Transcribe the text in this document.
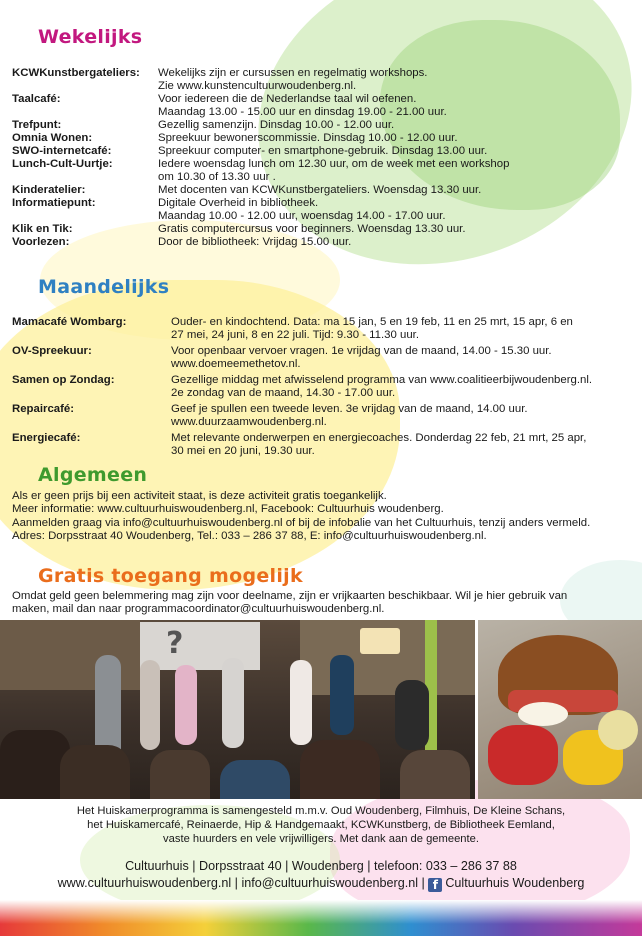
Wekelijks
KCWKunstbergateliers:	Wekelijks zijn er cursussen en regelmatig workshops.
Zie www.kunstencultuurwoudenberg.nl.
Taalcafé:	Voor iedereen die de Nederlandse taal wil oefenen.
Maandag 13.00 - 15.00 uur en dinsdag 19.00 - 21.00 uur.
Trefpunt:	Gezellig samenzijn. Dinsdag 10.00 - 12.00 uur.
Omnia Wonen:	Spreekuur bewonerscommissie. Dinsdag 10.00 - 12.00 uur.
SWO-internetcafé:	Spreekuur computer- en smartphone-gebruik. Dinsdag 13.00 uur.
Lunch-Cult-Uurtje:	Iedere woensdag lunch om 12.30 uur, om de week met een workshop
om 10.30 of 13.30 uur .
Kinderatelier:	Met docenten van KCWKunstbergateliers. Woensdag 13.30 uur.
Informatiepunt:	Digitale Overheid in bibliotheek.
Maandag 10.00 - 12.00 uur, woensdag 14.00 - 17.00 uur.
Klik en Tik:	Gratis computercursus voor beginners. Woensdag 13.30 uur.
Voorlezen:	Door de bibliotheek: Vrijdag 15.00 uur.
Maandelijks
Mamacafé Wombarg:	Ouder- en kindochtend. Data: ma 15 jan, 5 en 19 feb, 11 en 25 mrt, 15 apr, 6 en
27 mei, 24 juni, 8 en 22 juli. Tijd: 9.30 - 11.30 uur.
OV-Spreekuur:	Voor openbaar vervoer vragen. 1e vrijdag van de maand, 14.00 - 15.30 uur.
www.doemeemethetov.nl.
Samen op Zondag:	Gezellige middag met afwisselend programma van www.coalitieerbijwoudenberg.nl.
2e zondag van de maand, 14.30 - 17.00 uur.
Repaircafé:	Geef je spullen een tweede leven. 3e vrijdag van de maand, 14.00 uur.
www.duurzaamwoudenberg.nl.
Energiecafé:	Met relevante onderwerpen en energiecoaches. Donderdag 22 feb, 21 mrt, 25 apr,
30 mei en 20 juni, 19.30 uur.
Algemeen
Als er geen prijs bij een activiteit staat, is deze activiteit gratis toegankelijk.
Meer informatie: www.cultuurhuiswoudenberg.nl, Facebook: Cultuurhuis woudenberg.
Aanmelden graag via info@cultuurhuiswoudenberg.nl of bij de infobalie van het Cultuurhuis, tenzij anders vermeld.
Adres: Dorpsstraat 40 Woudenberg, Tel.: 033 – 286 37 88, E: info@cultuurhuiswoudenberg.nl.
Gratis toegang mogelijk
Omdat geld geen belemmering mag zijn voor deelname, zijn er vrijkaarten beschikbaar. Wil je hier gebruik van
maken, mail dan naar programmacoordinator@cultuurhuiswoudenberg.nl.
?
Het Huiskamerprogramma is samengesteld m.m.v. Oud Woudenberg, Filmhuis, De Kleine Schans,
het Huiskamercafé, Reinaerde, Hip & Handgemaakt, KCWKunstberg, de Bibliotheek Eemland,
vaste huurders en vele vrijwilligers. Met dank aan de gemeente.
Cultuurhuis | Dorpsstraat 40 | Woudenberg | telefoon: 033 – 286 37 88
www.cultuurhuiswoudenberg.nl | info@cultuurhuiswoudenberg.nl | f Cultuurhuis Woudenberg
